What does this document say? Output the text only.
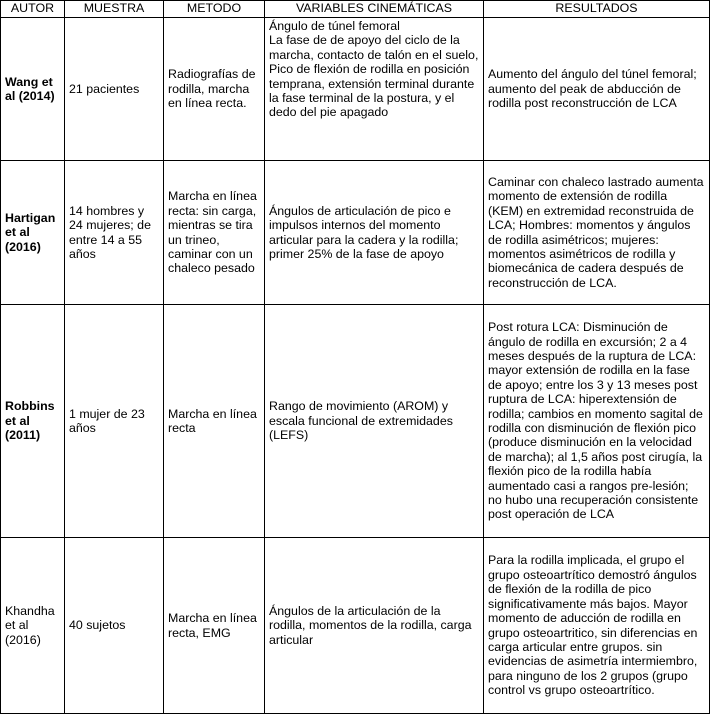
AUTOR	MUESTRA	METODO	VARIABLES CINEMÁTICAS	RESULTADOS
Wang et al (2014)	21 pacientes	Radiografías de rodilla, marcha en línea recta.	Ángulo de túnel femoral
La fase de de apoyo del ciclo de la marcha, contacto de talón en el suelo,
Pico de flexión de rodilla en posición temprana, extensión terminal durante
la fase terminal de la postura, y el dedo del pie apagado	Aumento del ángulo del túnel femoral; aumento del peak de abducción de rodilla post reconstrucción de LCA
Hartigan et al (2016)	14 hombres y 24 mujeres; de entre 14 a 55 años	Marcha en línea recta: sin carga, mientras se tira un trineo, caminar con un chaleco pesado	Ángulos de articulación de pico e impulsos internos del momento articular para la cadera y la rodilla; primer 25% de la fase de apoyo	Caminar con chaleco lastrado aumenta momento de extensión de rodilla (KEM) en extremidad reconstruida de LCA; Hombres: momentos y ángulos de rodilla asimétricos; mujeres: momentos asimétricos de rodilla y biomecánica de cadera después de reconstrucción de LCA.
Robbins et al (2011)	1 mujer de 23 años	Marcha en línea recta	Rango de movimiento (AROM) y escala funcional de extremidades (LEFS)	Post rotura LCA: Disminución de ángulo de rodilla en excursión; 2 a 4 meses después de la ruptura de LCA: mayor extensión de rodilla en la fase de apoyo; entre los 3 y 13 meses post ruptura de LCA: hiperextensión de rodilla; cambios en momento sagital de rodilla con disminución de flexión pico (produce disminución en la velocidad de marcha); al 1,5 años post cirugía, la flexión pico de la rodilla había aumentado casi a rangos pre-lesión; no hubo una recuperación consistente post operación de LCA
Khandha et al (2016)	40 sujetos	Marcha en línea recta, EMG	Ángulos de la articulación de la rodilla, momentos de la rodilla, carga articular	Para la rodilla implicada, el grupo el grupo osteoartrítico demostró ángulos de flexión de la rodilla de pico significativamente más bajos. Mayor momento de aducción de rodilla en grupo osteoartritico, sin diferencias en carga articular entre grupos. sin evidencias de asimetría intermiembro, para ninguno de los 2 grupos (grupo control vs grupo osteoartrítico.
